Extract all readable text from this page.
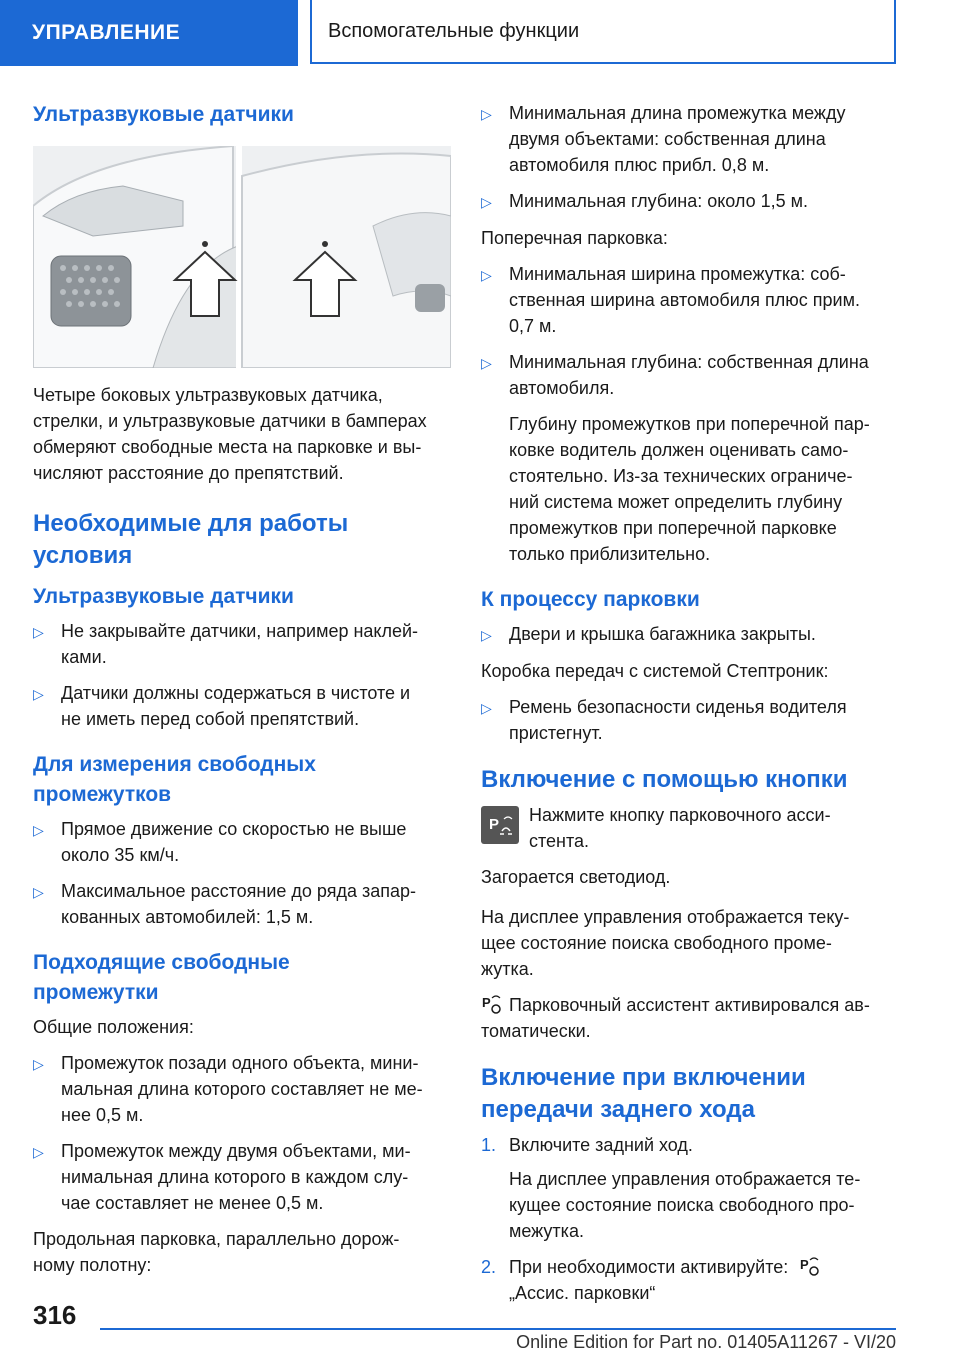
УПРАВЛЕНИЕ	Вспомогательные функции
Ультразвуковые датчики

Четыре боковых ультразвуковых датчика,

стрелки, и ультразвуковые датчики в бамперах

обмеряют свободные места на парковке и вы-

числяют расстояние до препятствий.

Необходимые для работы
условия
Ультразвуковые датчики
▷ Не закрывайте датчики, например наклей-

ками.

▷ Датчики должны содержаться в чистоте и

не иметь перед собой препятствий.

Для измерения свободных
промежутков
▷ Прямое движение со скоростью не выше

около 35 км/ч.

▷ Максимальное расстояние до ряда запар-

кованных автомобилей: 1,5 м.

Подходящие свободные
промежутки

Общие положения:

▷ Промежуток позади одного объекта, мини-

мальная длина которого составляет не ме-

нее 0,5 м.

▷ Промежуток между двумя объектами, ми-

нимальная длина которого в каждом слу-

чае составляет не менее 0,5 м.

Продольная парковка, параллельно дорож-

ному полотну:

▷ Минимальная длина промежутка между

двумя объектами: собственная длина

автомобиля плюс прибл. 0,8 м.

▷ Минимальная глубина: около 1,5 м.

Поперечная парковка:

▷ Минимальная ширина промежутка: соб-

ственная ширина автомобиля плюс прим.

0,7 м.

▷ Минимальная глубина: собственная длина

автомобиля.

Глубину промежутков при поперечной пар-

ковке водитель должен оценивать само-

стоятельно. Из-за технических ограниче-

ний система может определить глубину

промежутков при поперечной парковке

только приблизительно.

К процессу парковки
▷ Двери и крышка багажника закрыты.

Коробка передач с системой Стептроник:

▷ Ремень безопасности сиденья водителя

пристегнут.

Включение с помощью кнопки
P Нажмите кнопку парковочного асси-

стента.

Загорается светодиод.

На дисплее управления отображается теку-

щее состояние поиска свободного проме-

жутка.

P Парковочный ассистент активировался ав-

томатически.

Включение при включении
передачи заднего хода
1. Включите задний ход.

На дисплее управления отображается те-

кущее состояние поиска свободного про-

межутка.

2. При необходимости активируйте: P

„Ассис. парковки“

316
Online Edition for Part no. 01405A11267 - VI/20
